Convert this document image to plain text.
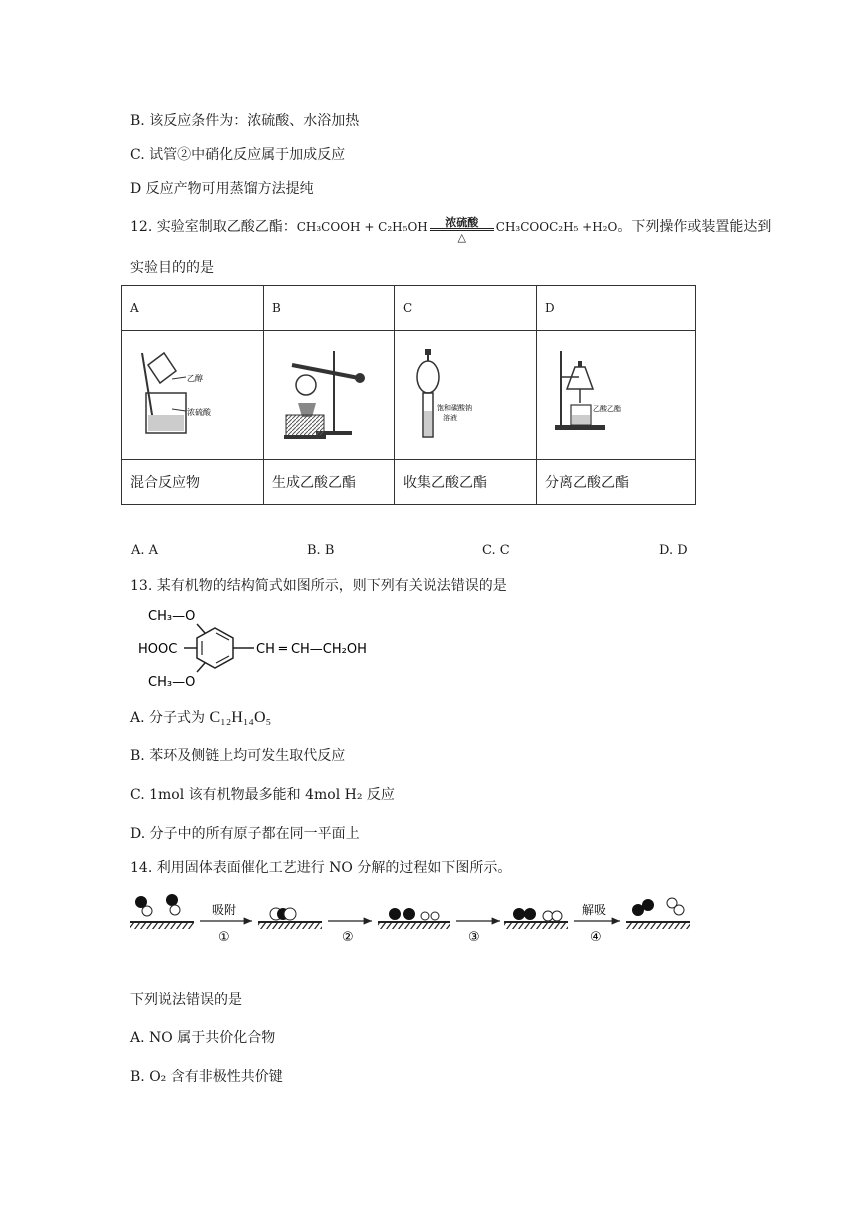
B. 该反应条件为：浓硫酸、水浴加热
C. 试管②中硝化反应属于加成反应
D 反应产物可用蒸馏方法提纯
12. 实验室制取乙酸乙酯：CH₃COOH + C₂H₅OH	浓硫酸
△
CH₃COOC₂H₅ +H₂O。下列操作或装置能达到
实验目的的是
A	B	C	D

乙醇
浓硫酸		饱和碳酸钠
溶液	乙酸乙酯

混合反应物	生成乙酸乙酯	收集乙酸乙酯	分离乙酸乙酯
A. A	B. B	C. C	D. D
13. 某有机物的结构简式如图所示，则下列有关说法错误的是
CH₃—O
HOOC
CH₃—O
CH ═ CH—CH₂OH
A. 分子式为 C₁₂H₁₄O₅
B. 苯环及侧链上均可发生取代反应
C. 1mol 该有机物最多能和 4mol H₂ 反应
D. 分子中的所有原子都在同一平面上
14. 利用固体表面催化工艺进行 NO 分解的过程如下图所示。
吸附
①	②	③
解吸
④
下列说法错误的是
A. NO 属于共价化合物
B. O₂ 含有非极性共价键
